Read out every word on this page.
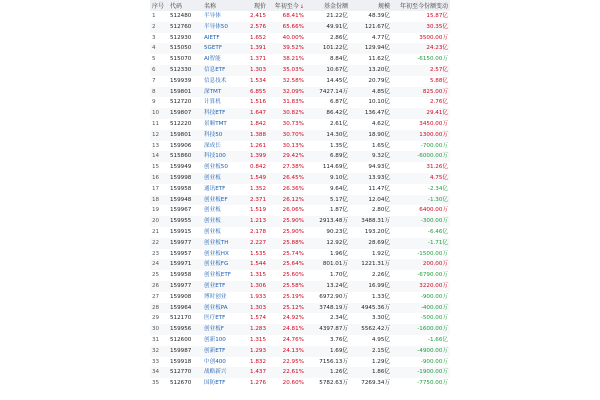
序号	代码	名称	现价	年初至今↓	基金份额	规模	年初至今份额变动
1	512480	半导体	2.415	68.41%	21.22亿	48.39亿	15.87亿
2	512760	半导体50	2.576	65.66%	49.91亿	121.67亿	30.35亿
3	512930	AIETF	1.652	40.00%	2.86亿	4.77亿	3500.00万
4	515050	5GETF	1.391	39.52%	101.22亿	129.94亿	24.23亿
5	515070	AI智能	1.371	38.21%	8.84亿	11.62亿	-6150.00万
6	512330	信息ETF	1.303	35.03%	10.67亿	13.20亿	2.57亿
7	159939	信息技术	1.534	32.58%	14.45亿	20.79亿	5.88亿
8	159801	深TMT	6.855	32.09%	7427.14万	4.85亿	825.00万
9	512720	计算机	1.516	31.83%	6.87亿	10.10亿	2.76亿
10	159807	科技ETF	1.647	30.82%	86.42亿	136.47亿	29.41亿
11	512220	景顺TMT	1.842	30.73%	2.61亿	4.62亿	3450.00万
12	159801	科技50	1.388	30.70%	14.30亿	18.90亿	1300.00万
13	159906	深成长	1.261	30.13%	1.35亿	1.65亿	-700.00万
14	515860	科技100	1.399	29.42%	6.89亿	9.32亿	-6000.00万
15	159949	创业板50	0.842	27.38%	114.69亿	94.93亿	31.26亿
16	159998	创业板	1.549	26.45%	9.10亿	13.93亿	4.75亿
17	159958	通讯ETF	1.352	26.36%	9.64亿	11.47亿	-2.34亿
18	159948	创业板EF	2.371	26.12%	5.17亿	12.04亿	-1.30亿
19	159967	创业板	1.519	26.06%	1.87亿	2.80亿	6400.00万
20	159955	创业板	1.213	25.90%	2913.48万	3488.31万	-300.00万
21	159915	创业板	2.178	25.90%	90.23亿	193.20亿	-6.46亿
22	159977	创业板TH	2.227	25.88%	12.92亿	28.69亿	-1.71亿
23	159957	创业板HX	1.535	25.74%	1.96亿	1.92亿	-1500.00万
24	159971	创业板FG	1.544	25.64%	801.01万	1221.31万	200.00万
25	159958	创业板ETF	1.315	25.60%	1.70亿	2.26亿	-6790.00万
26	159977	创业ETF	1.306	25.58%	13.24亿	16.99亿	3220.00万
27	159908	博时创业	1.933	25.19%	6972.90万	1.33亿	-900.00万
28	159964	创业板PA	1.303	25.12%	3748.19万	4945.36万	-400.00万
29	512170	医疗ETF	1.574	24.92%	2.34亿	3.30亿	-500.00万
30	159956	创业板F	1.283	24.81%	4397.87万	5562.42万	-1600.00万
31	512600	创新100	1.315	24.76%	3.76亿	4.95亿	-1.66亿
32	159987	创新ETF	1.293	24.13%	1.69亿	2.15亿	-4900.00万
33	159918	中创400	1.832	22.95%	7156.13万	1.29亿	-900.00万
34	512770	战略新兴	1.437	22.61%	1.26亿	1.86亿	-1900.00万
35	512670	国防ETF	1.276	20.60%	5782.63万	7269.34万	-7750.00万
